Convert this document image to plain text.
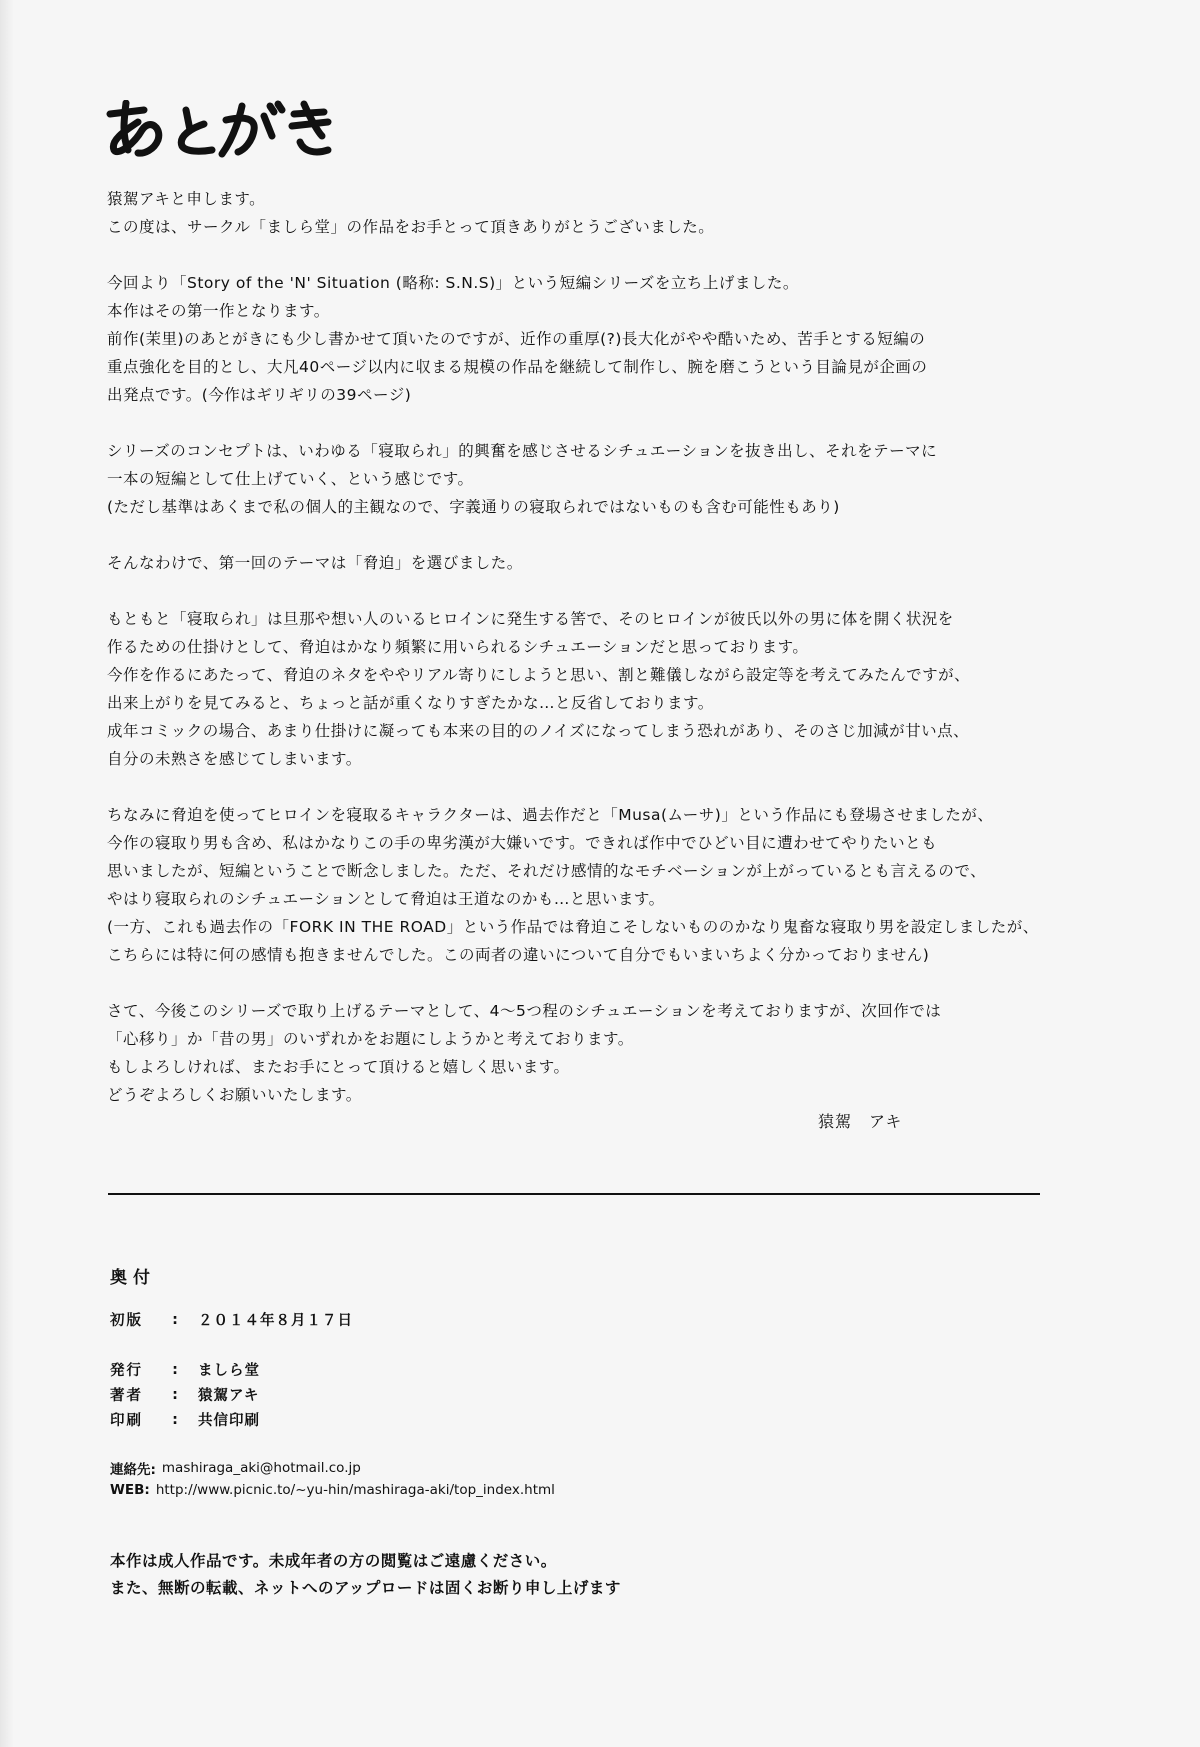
猿駕アキと申します。
この度は、サークル「ましら堂」の作品をお手とって頂きありがとうございました。
今回より「Story of the 'N' Situation (略称: S.N.S)」という短編シリーズを立ち上げました。
本作はその第一作となります。
前作(茉里)のあとがきにも少し書かせて頂いたのですが、近作の重厚(?)長大化がやや酷いため、苦手とする短編の
重点強化を目的とし、大凡40ページ以内に収まる規模の作品を継続して制作し、腕を磨こうという目論見が企画の
出発点です。(今作はギリギリの39ページ)
シリーズのコンセプトは、いわゆる「寝取られ」的興奮を感じさせるシチュエーションを抜き出し、それをテーマに
一本の短編として仕上げていく、という感じです。
(ただし基準はあくまで私の個人的主観なので、字義通りの寝取られではないものも含む可能性もあり)
そんなわけで、第一回のテーマは「脅迫」を選びました。
もともと「寝取られ」は旦那や想い人のいるヒロインに発生する筈で、そのヒロインが彼氏以外の男に体を開く状況を
作るための仕掛けとして、脅迫はかなり頻繁に用いられるシチュエーションだと思っております。
今作を作るにあたって、脅迫のネタをややリアル寄りにしようと思い、割と難儀しながら設定等を考えてみたんですが、
出来上がりを見てみると、ちょっと話が重くなりすぎたかな…と反省しております。
成年コミックの場合、あまり仕掛けに凝っても本来の目的のノイズになってしまう恐れがあり、そのさじ加減が甘い点、
自分の未熟さを感じてしまいます。
ちなみに脅迫を使ってヒロインを寝取るキャラクターは、過去作だと「Musa(ムーサ)」という作品にも登場させましたが、
今作の寝取り男も含め、私はかなりこの手の卑劣漢が大嫌いです。できれば作中でひどい目に遭わせてやりたいとも
思いましたが、短編ということで断念しました。ただ、それだけ感情的なモチベーションが上がっているとも言えるので、
やはり寝取られのシチュエーションとして脅迫は王道なのかも…と思います。
(一方、これも過去作の「FORK IN THE ROAD」という作品では脅迫こそしないもののかなり鬼畜な寝取り男を設定しましたが、
こちらには特に何の感情も抱きませんでした。この両者の違いについて自分でもいまいちよく分かっておりません)
さて、今後このシリーズで取り上げるテーマとして、4～5つ程のシチュエーションを考えておりますが、次回作では
「心移り」か「昔の男」のいずれかをお題にしようかと考えております。
もしよろしければ、またお手にとって頂けると嬉しく思います。
どうぞよろしくお願いいたします。
猿駕　アキ
奥付
初版	:	２０１４年８月１７日
発行	:	ましら堂
著者	:	猿駕アキ
印刷	:	共信印刷
連絡先: mashiraga_aki@hotmail.co.jp
WEB: http://www.picnic.to/~yu-hin/mashiraga-aki/top_index.html
本作は成人作品です。未成年者の方の閲覧はご遠慮ください。
また、無断の転載、ネットへのアップロードは固くお断り申し上げます
